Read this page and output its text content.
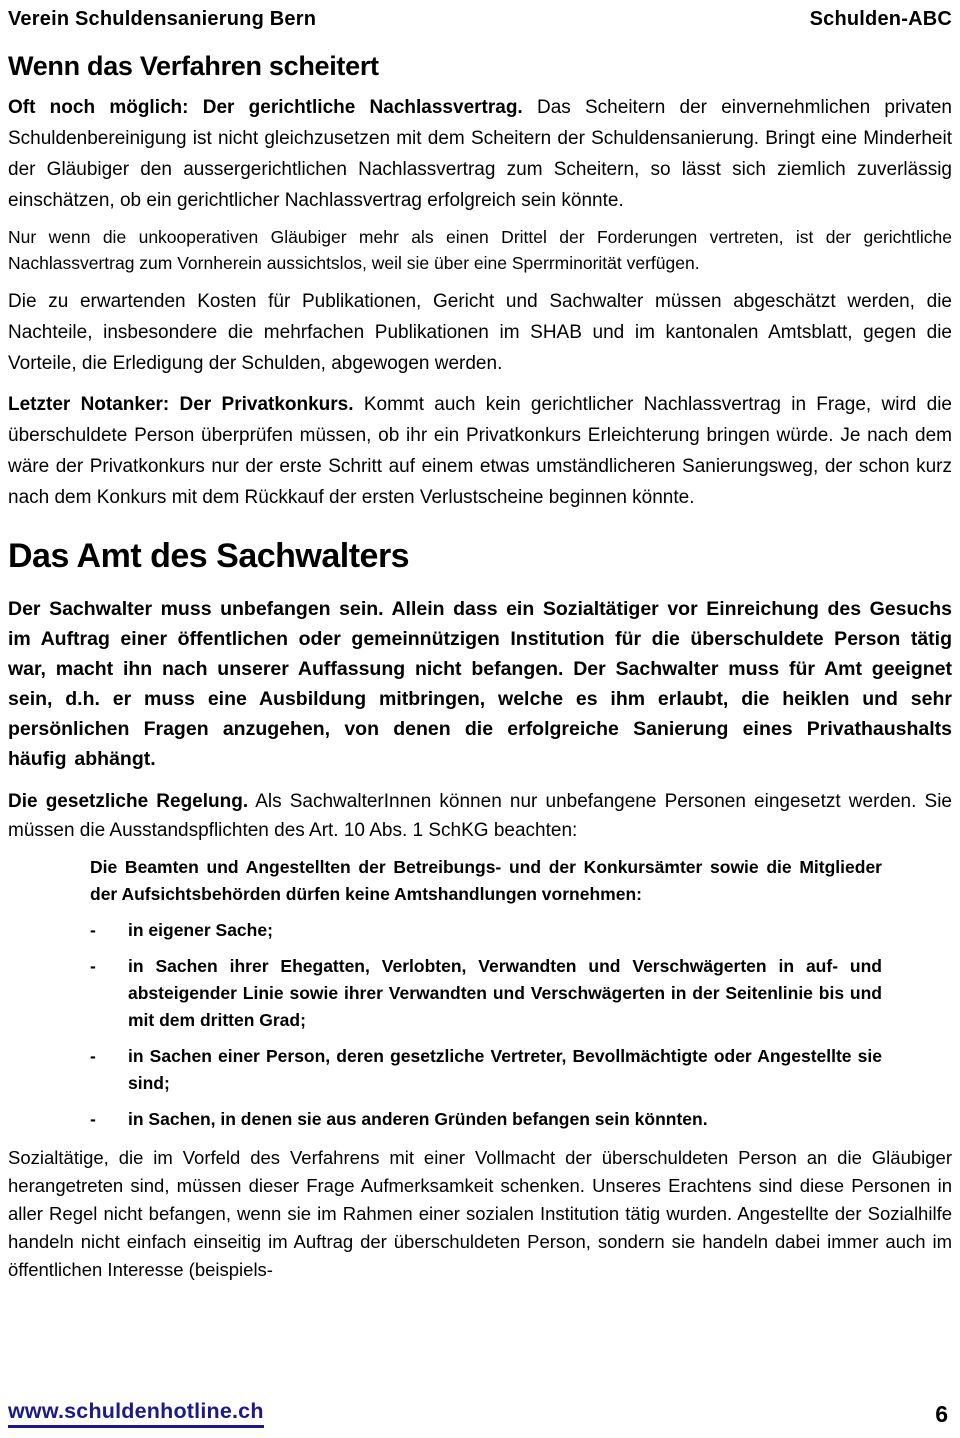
Verein Schuldensanierung Bern	Schulden-ABC
Wenn das Verfahren scheitert

Oft noch möglich: Der gerichtliche Nachlassvertrag. Das Scheitern der einvernehmlichen privaten Schuldenbereinigung ist nicht gleichzusetzen mit dem Scheitern der Schuldensanierung. Bringt eine Minderheit der Gläubiger den aussergerichtlichen Nachlassvertrag zum Scheitern, so lässt sich ziemlich zuverlässig einschätzen, ob ein gerichtlicher Nachlassvertrag erfolgreich sein könnte.

Nur wenn die unkooperativen Gläubiger mehr als einen Drittel der Forderungen vertreten, ist der gerichtliche Nachlassvertrag zum Vornherein aussichtslos, weil sie über eine Sperrminorität verfügen.

Die zu erwartenden Kosten für Publikationen, Gericht und Sachwalter müssen abgeschätzt werden, die Nachteile, insbesondere die mehrfachen Publikationen im SHAB und im kantonalen Amtsblatt, gegen die Vorteile, die Erledigung der Schulden, abgewogen werden.

Letzter Notanker: Der Privatkonkurs. Kommt auch kein gerichtlicher Nachlassvertrag in Frage, wird die überschuldete Person überprüfen müssen, ob ihr ein Privatkonkurs Erleichterung bringen würde. Je nach dem wäre der Privatkonkurs nur der erste Schritt auf einem etwas umständlicheren Sanierungsweg, der schon kurz nach dem Konkurs mit dem Rückkauf der ersten Verlustscheine beginnen könnte.

Das Amt des Sachwalters

Der Sachwalter muss unbefangen sein. Allein dass ein Sozialtätiger vor Einreichung des Gesuchs im Auftrag einer öffentlichen oder gemeinnützigen Institution für die überschuldete Person tätig war, macht ihn nach unserer Auffassung nicht befangen. Der Sachwalter muss für Amt geeignet sein, d.h. er muss eine Ausbildung mitbringen, welche es ihm erlaubt, die heiklen und sehr persönlichen Fragen anzugehen, von denen die erfolgreiche Sanierung eines Privathaushalts häufig abhängt.

Die gesetzliche Regelung. Als SachwalterInnen können nur unbefangene Personen eingesetzt werden. Sie müssen die Ausstandspflichten des Art. 10 Abs. 1 SchKG beachten:

Die Beamten und Angestellten der Betreibungs- und der Konkursämter sowie die Mitglieder der Aufsichtsbehörden dürfen keine Amtshandlungen vornehmen:

-	in eigener Sache;
-	in Sachen ihrer Ehegatten, Verlobten, Verwandten und Verschwägerten in auf- und absteigender Linie sowie ihrer Verwandten und Verschwägerten in der Seitenlinie bis und mit dem dritten Grad;
-	in Sachen einer Person, deren gesetzliche Vertreter, Bevollmächtigte oder Angestellte sie sind;
-	in Sachen, in denen sie aus anderen Gründen befangen sein könnten.

Sozialtätige, die im Vorfeld des Verfahrens mit einer Vollmacht der überschuldeten Person an die Gläubiger herangetreten sind, müssen dieser Frage Aufmerksamkeit schenken. Unseres Erachtens sind diese Personen in aller Regel nicht befangen, wenn sie im Rahmen einer sozialen Institution tätig wurden. Angestellte der Sozialhilfe handeln nicht einfach einseitig im Auftrag der überschuldeten Person, sondern sie handeln dabei immer auch im öffentlichen Interesse (beispiels-

www.schuldenhotline.ch	6
